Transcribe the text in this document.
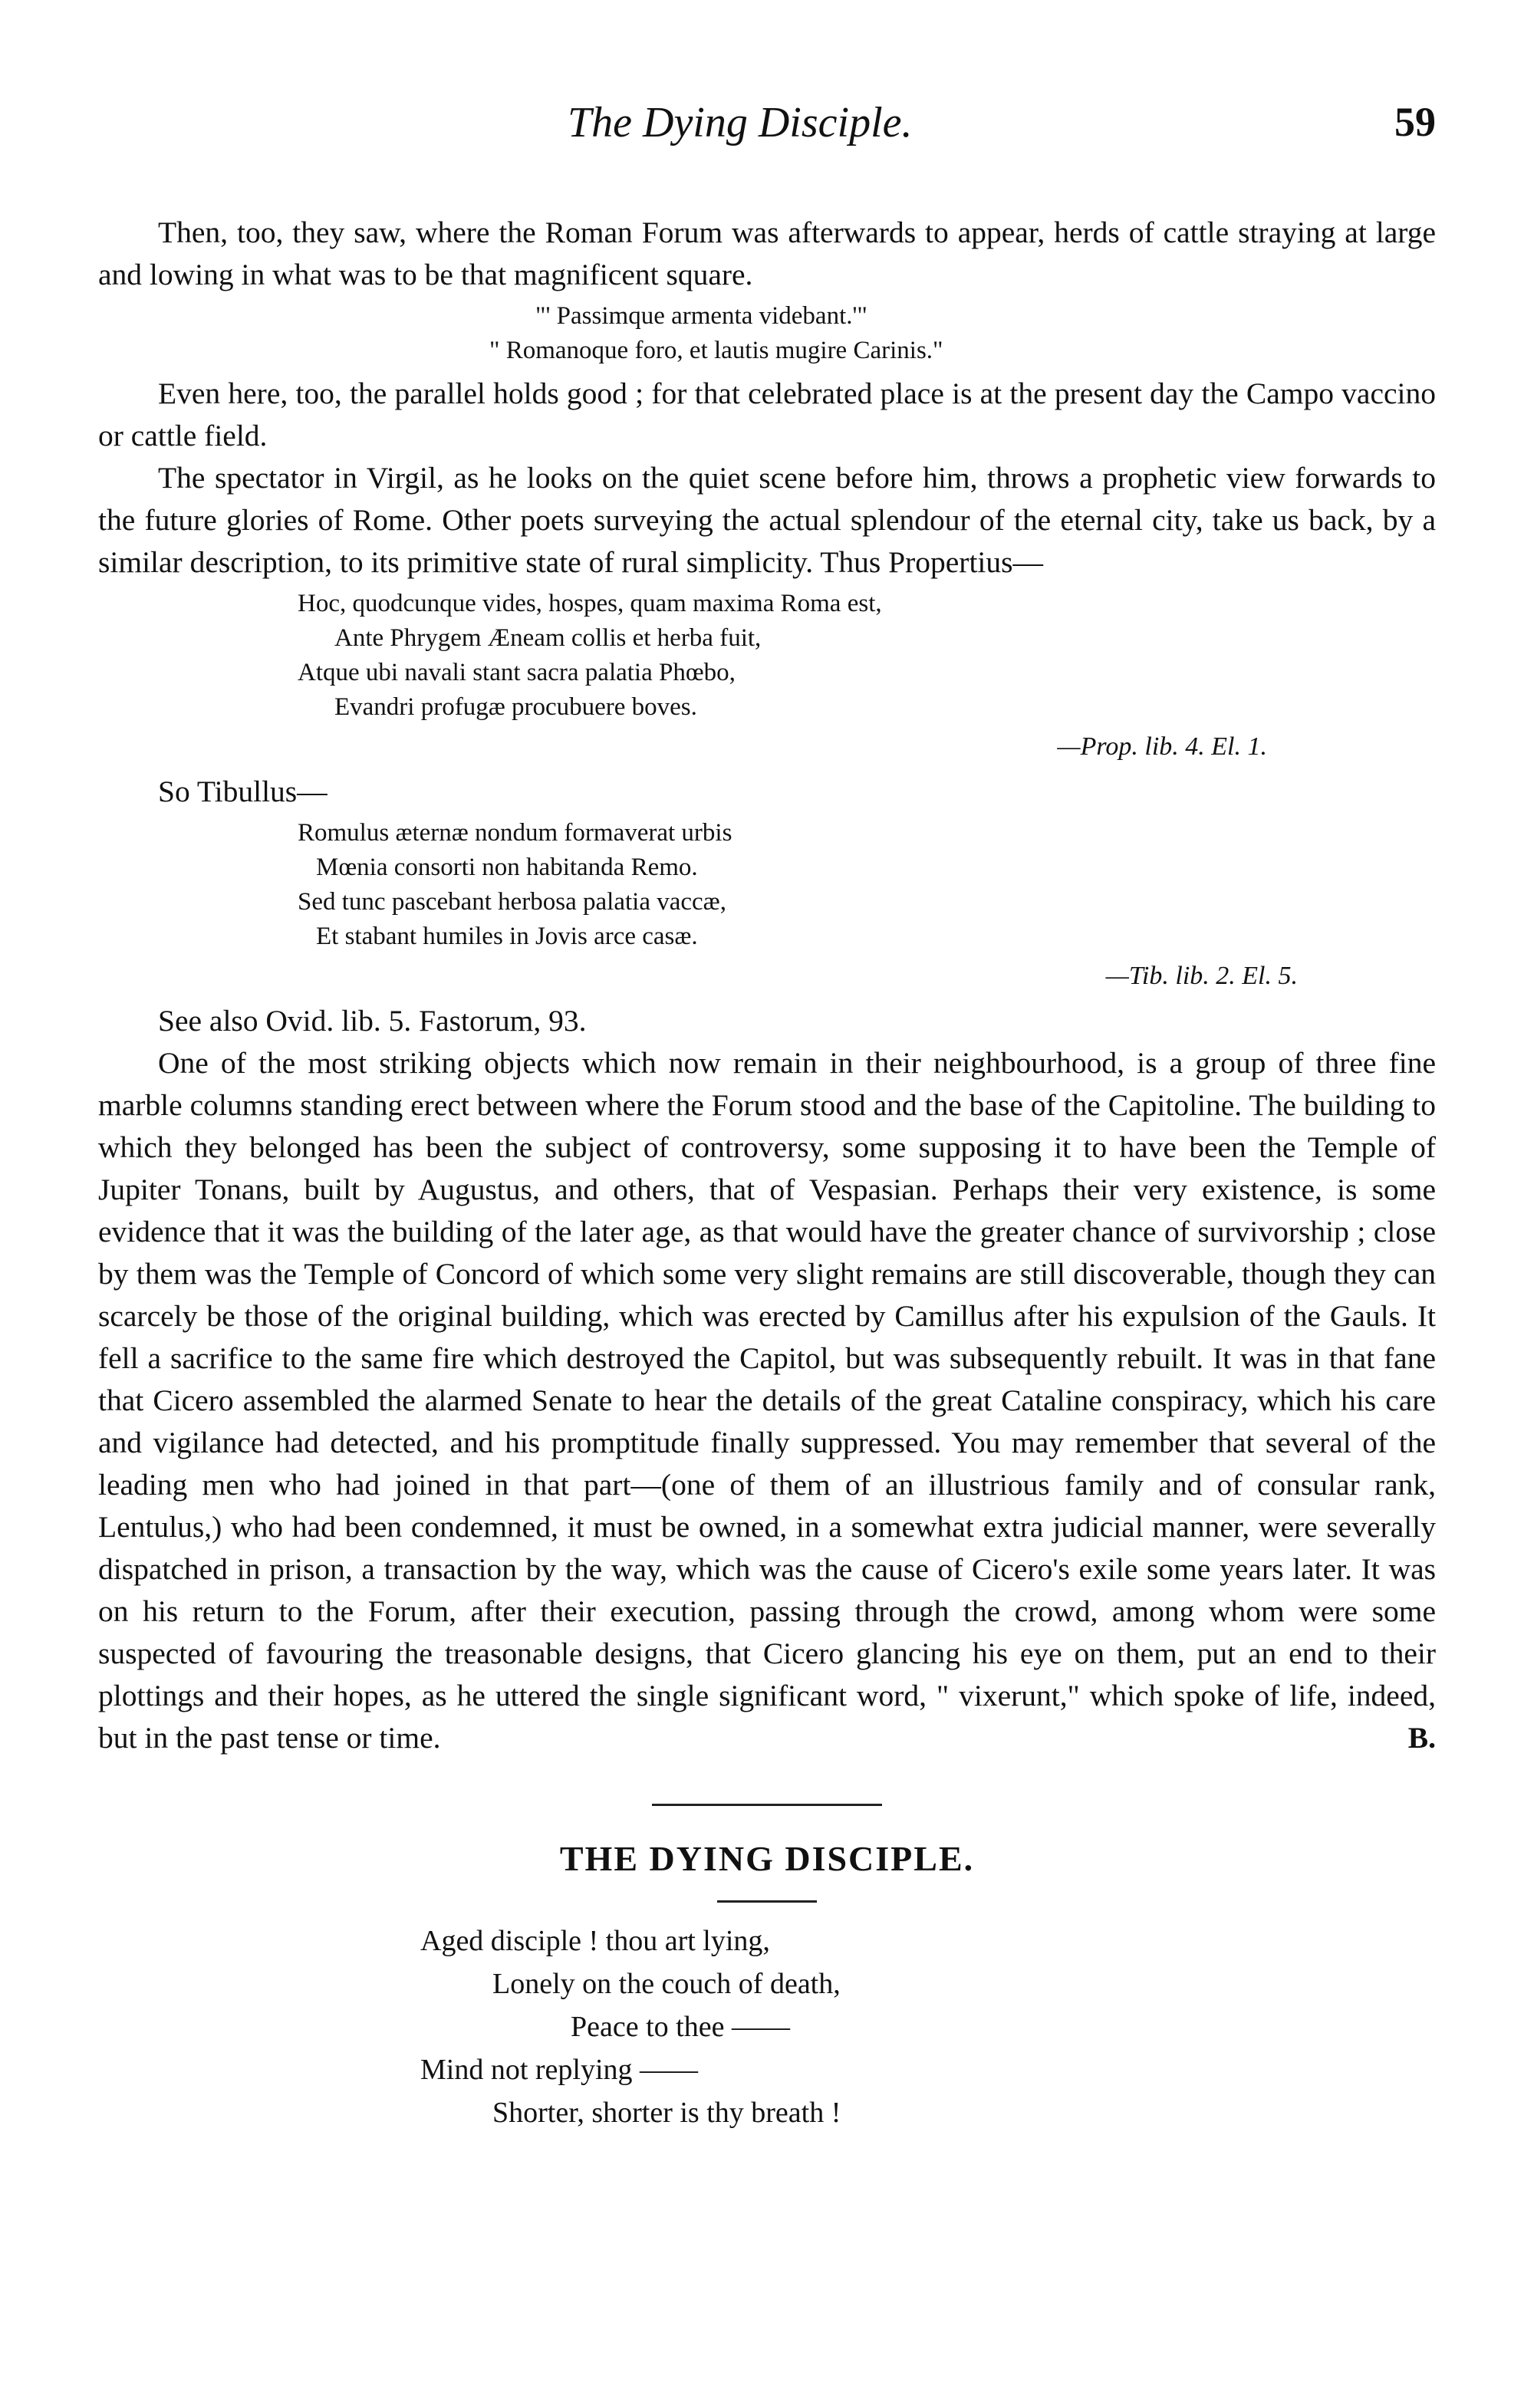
The Dying Disciple.	59

Then, too, they saw, where the Roman Forum was afterwards to appear, herds of cattle straying at large and lowing in what was to be that magnificent square.

"' Passimque armenta videbant.'"
" Romanoque foro, et lautis mugire Carinis."

Even here, too, the parallel holds good ; for that celebrated place is at the present day the Campo vaccino or cattle field.

The spectator in Virgil, as he looks on the quiet scene before him, throws a prophetic view forwards to the future glories of Rome. Other poets surveying the actual splendour of the eternal city, take us back, by a similar description, to its primitive state of rural simplicity. Thus Propertius—

Hoc, quodcunque vides, hospes, quam maxima Roma est,
Ante Phrygem Æneam collis et herba fuit,
Atque ubi navali stant sacra palatia Phœbo,
Evandri profugæ procubuere boves.
—Prop. lib. 4. El. 1.

So Tibullus—

Romulus æternæ nondum formaverat urbis
Mœnia consorti non habitanda Remo.
Sed tunc pascebant herbosa palatia vaccæ,
Et stabant humiles in Jovis arce casæ.
—Tib. lib. 2. El. 5.

See also Ovid. lib. 5. Fastorum, 93.

One of the most striking objects which now remain in their neighbourhood, is a group of three fine marble columns standing erect between where the Forum stood and the base of the Capitoline. The building to which they belonged has been the subject of controversy, some supposing it to have been the Temple of Jupiter Tonans, built by Augustus, and others, that of Vespasian. Perhaps their very existence, is some evidence that it was the building of the later age, as that would have the greater chance of survivorship ; close by them was the Temple of Concord of which some very slight remains are still discoverable, though they can scarcely be those of the original building, which was erected by Camillus after his expulsion of the Gauls. It fell a sacrifice to the same fire which destroyed the Capitol, but was subsequently rebuilt. It was in that fane that Cicero assembled the alarmed Senate to hear the details of the great Cataline conspiracy, which his care and vigilance had detected, and his promptitude finally suppressed. You may remember that several of the leading men who had joined in that part—(one of them of an illustrious family and of consular rank, Lentulus,) who had been condemned, it must be owned, in a somewhat extra judicial manner, were severally dispatched in prison, a transaction by the way, which was the cause of Cicero's exile some years later. It was on his return to the Forum, after their execution, passing through the crowd, among whom were some suspected of favouring the treasonable designs, that Cicero glancing his eye on them, put an end to their plottings and their hopes, as he uttered the single significant word, " vixerunt," which spoke of life, indeed, but in the past tense or time.	B.

THE DYING DISCIPLE.
Aged disciple ! thou art lying,
Lonely on the couch of death,
Peace to thee ——
Mind not replying ——
Shorter, shorter is thy breath !
